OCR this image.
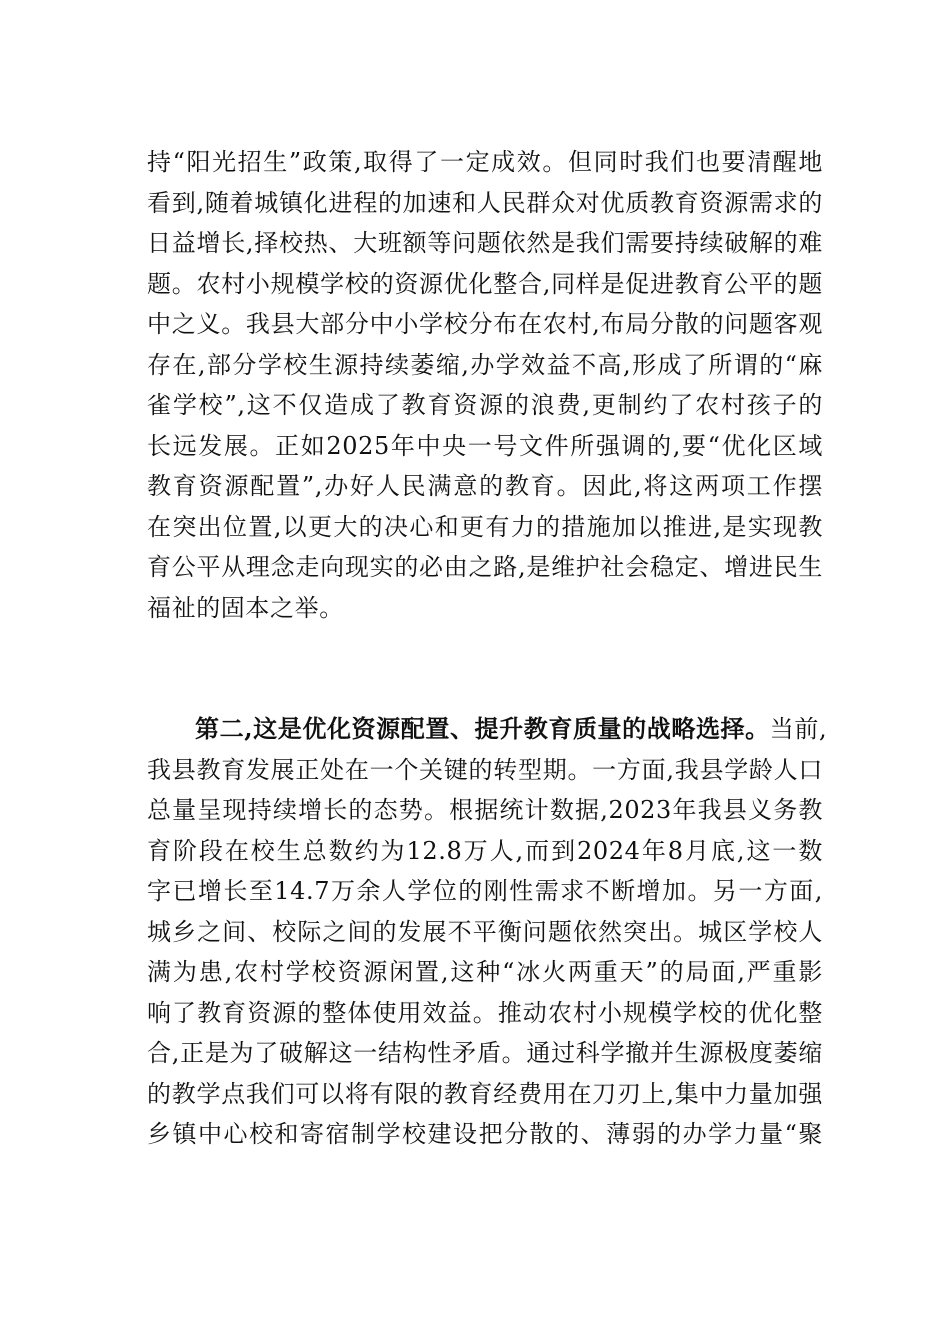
持“阳光招生”政策,取得了一定成效。但同时我们也要清醒地
看到,随着城镇化进程的加速和人民群众对优质教育资源需求的
日益增长,择校热、大班额等问题依然是我们需要持续破解的难
题。农村小规模学校的资源优化整合,同样是促进教育公平的题
中之义。我县大部分中小学校分布在农村,布局分散的问题客观
存在,部分学校生源持续萎缩,办学效益不高,形成了所谓的“麻
雀学校”,这不仅造成了教育资源的浪费,更制约了农村孩子的
长远发展。正如2025年中央一号文件所强调的,要“优化区域
教育资源配置”,办好人民满意的教育。因此,将这两项工作摆
在突出位置,以更大的决心和更有力的措施加以推进,是实现教
育公平从理念走向现实的必由之路,是维护社会稳定、增进民生
福祉的固本之举。
第二,这是优化资源配置、提升教育质量的战略选择。当前,
我县教育发展正处在一个关键的转型期。一方面,我县学龄人口
总量呈现持续增长的态势。根据统计数据,2023年我县义务教
育阶段在校生总数约为12.8万人,而到2024年8月底,这一数
字已增长至14.7万余人学位的刚性需求不断增加。另一方面,
城乡之间、校际之间的发展不平衡问题依然突出。城区学校人
满为患,农村学校资源闲置,这种“冰火两重天”的局面,严重影
响了教育资源的整体使用效益。推动农村小规模学校的优化整
合,正是为了破解这一结构性矛盾。通过科学撤并生源极度萎缩
的教学点我们可以将有限的教育经费用在刀刃上,集中力量加强
乡镇中心校和寄宿制学校建设把分散的、薄弱的办学力量“聚
